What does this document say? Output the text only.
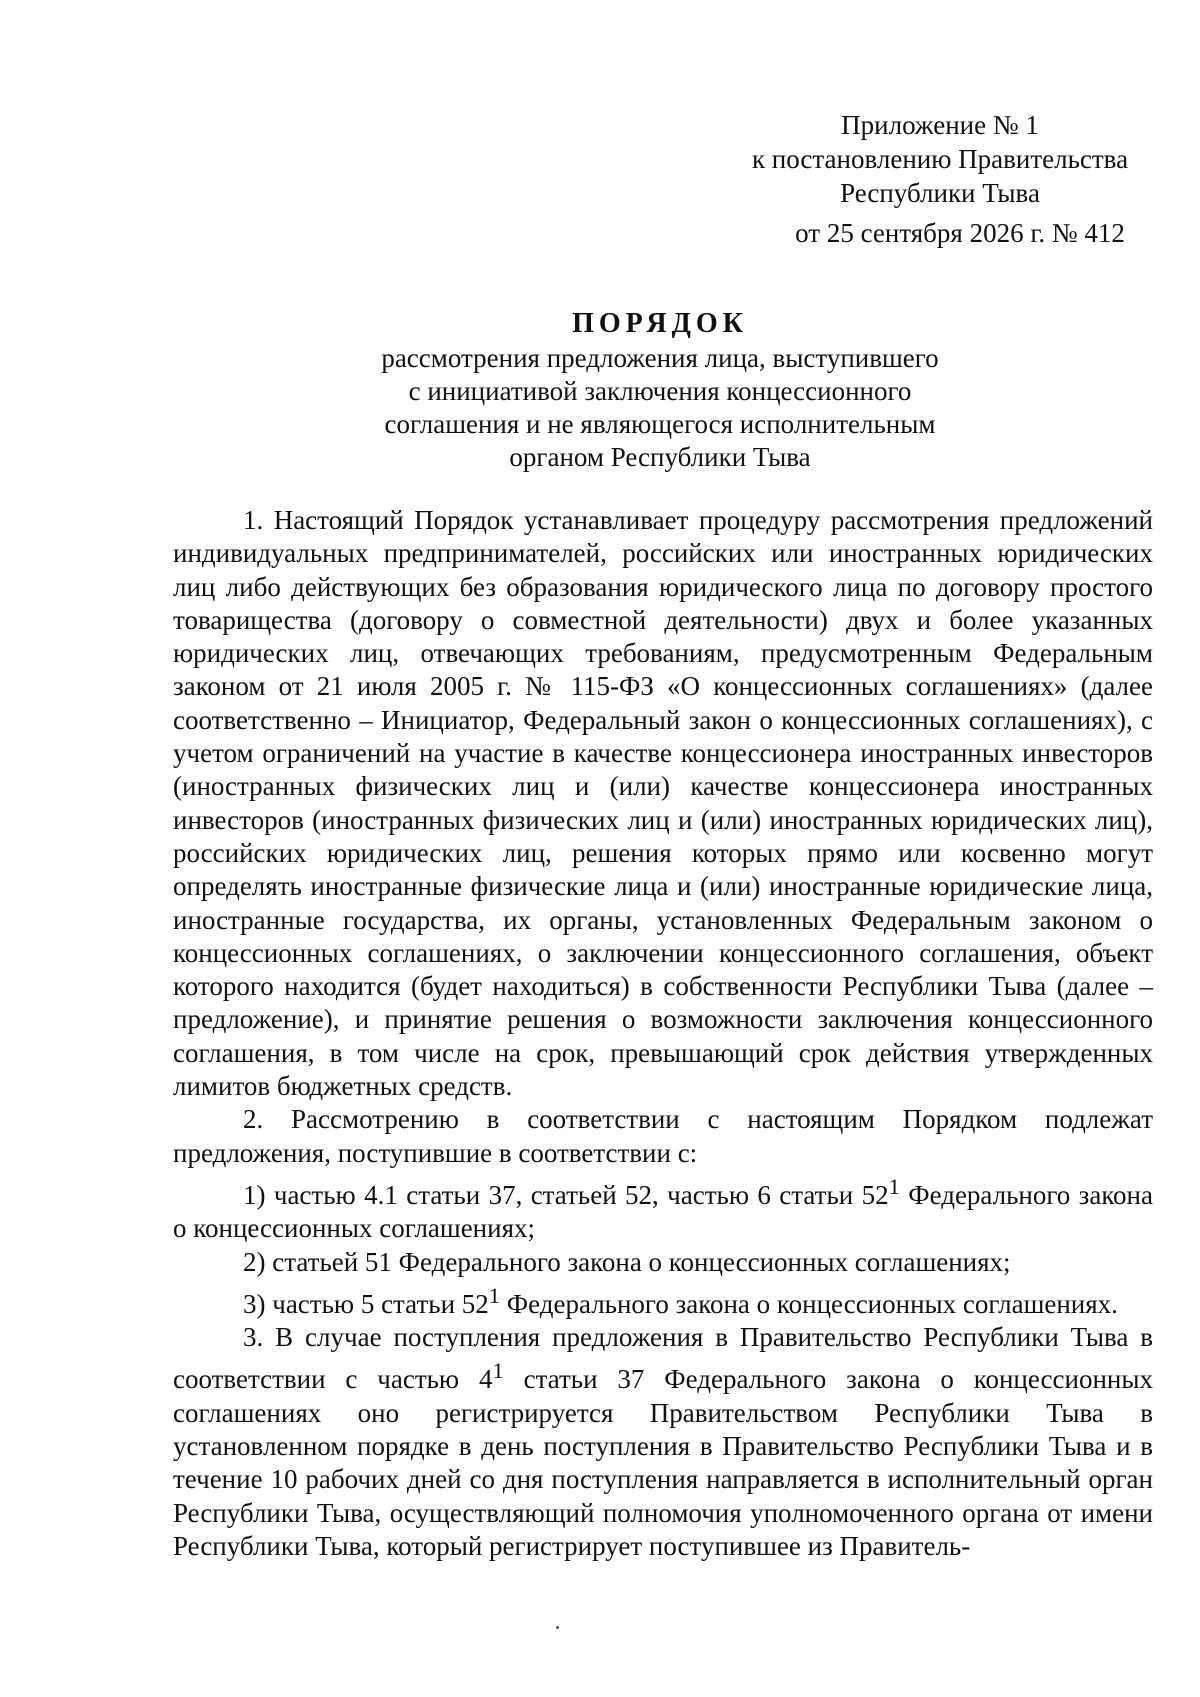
Приложение № 1
к постановлению Правительства
Республики Тыва
от 25 сентября 2026 г. № 412
ПОРЯДОК
рассмотрения предложения лица, выступившего
с инициативой заключения концессионного
соглашения и не являющегося исполнительным
органом Республики Тыва

1. Настоящий Порядок устанавливает процедуру рассмотрения предложений индивидуальных предпринимателей, российских или иностранных юридических лиц либо действующих без образования юридического лица по договору простого товарищества (договору о совместной деятельности) двух и более указанных юридических лиц, отвечающих требованиям, предусмотренным Федеральным законом от 21 июля 2005 г. № 115-ФЗ «О концессионных соглашениях» (далее соответственно – Инициатор, Федеральный закон о концессионных соглашениях), с учетом ограничений на участие в качестве концессионера иностранных инвесторов (иностранных физических лиц и (или) качестве концессионера иностранных инвесторов (иностранных физических лиц и (или) иностранных юридических лиц), российских юридических лиц, решения которых прямо или косвенно могут определять иностранные физические лица и (или) иностранные юридические лица, иностранные государства, их органы, установленных Федеральным законом о концессионных соглашениях, о заключении концессионного соглашения, объект которого находится (будет находиться) в собственности Республики Тыва (далее – предложение), и принятие решения о возможности заключения концессионного соглашения, в том числе на срок, превышающий срок действия утвержденных лимитов бюджетных средств.

2. Рассмотрению в соответствии с настоящим Порядком подлежат предложения, поступившие в соответствии с:

1) частью 4.1 статьи 37, статьей 52, частью 6 статьи $52^1$ Федерального закона о концессионных соглашениях;

2) статьей 51 Федерального закона о концессионных соглашениях;

3) частью 5 статьи $52^1$ Федерального закона о концессионных соглашениях.

3. В случае поступления предложения в Правительство Республики Тыва в соответствии с частью $4^1$ статьи 37 Федерального закона о концессионных соглашениях оно регистрируется Правительством Республики Тыва в установленном порядке в день поступления в Правительство Республики Тыва и в течение 10 рабочих дней со дня поступления направляется в исполнительный орган Республики Тыва, осуществляющий полномочия уполномоченного органа от имени Республики Тыва, который регистрирует поступившее из Правитель-
